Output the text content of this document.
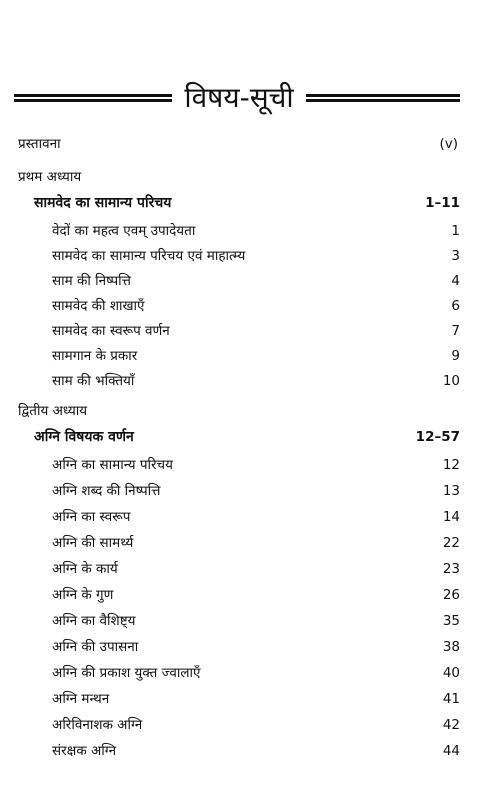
विषय-सूची
प्रस्तावना	(v)
प्रथम अध्याय
सामवेद का सामान्य परिचय	1–11
वेदों का महत्व एवम् उपादेयता	1
सामवेद का सामान्य परिचय एवं माहात्म्य	3
साम की निष्पत्ति	4
सामवेद की शाखाएँ	6
सामवेद का स्वरूप वर्णन	7
सामगान के प्रकार	9
साम की भक्तियाँ	10
द्वितीय अध्याय
अग्नि विषयक वर्णन	12–57
अग्नि का सामान्य परिचय	12
अग्नि शब्द की निष्पत्ति	13
अग्नि का स्वरूप	14
अग्नि की सामर्थ्य	22
अग्नि के कार्य	23
अग्नि के गुण	26
अग्नि का वैशिष्ट्य	35
अग्नि की उपासना	38
अग्नि की प्रकाश युक्त ज्वालाएँ	40
अग्नि मन्थन	41
अरिविनाशक अग्नि	42
संरक्षक अग्नि	44
